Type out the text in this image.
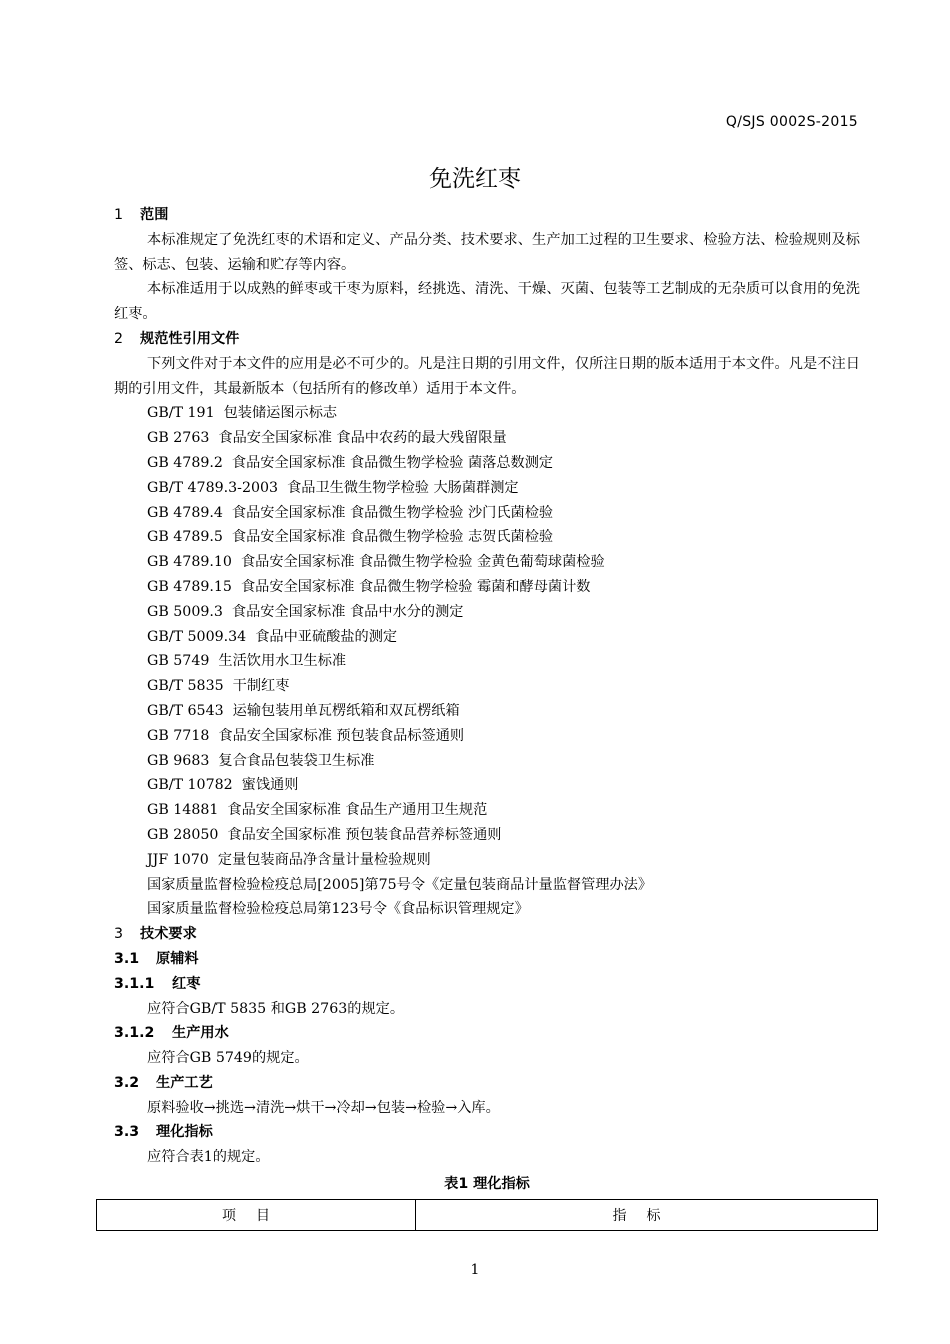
Q/SJS 0002S-2015
免洗红枣
1 范围
本标准规定了免洗红枣的术语和定义、产品分类、技术要求、生产加工过程的卫生要求、检验方法、检验规则及标签、标志、包装、运输和贮存等内容。
本标准适用于以成熟的鲜枣或干枣为原料，经挑选、清洗、干燥、灭菌、包装等工艺制成的无杂质可以食用的免洗红枣。
2 规范性引用文件
下列文件对于本文件的应用是必不可少的。凡是注日期的引用文件，仅所注日期的版本适用于本文件。凡是不注日期的引用文件，其最新版本（包括所有的修改单）适用于本文件。
GB/T 191  包装储运图示标志
GB 2763  食品安全国家标准 食品中农药的最大残留限量
GB 4789.2  食品安全国家标准 食品微生物学检验 菌落总数测定
GB/T 4789.3-2003  食品卫生微生物学检验 大肠菌群测定
GB 4789.4  食品安全国家标准 食品微生物学检验 沙门氏菌检验
GB 4789.5  食品安全国家标准 食品微生物学检验 志贺氏菌检验
GB 4789.10  食品安全国家标准 食品微生物学检验 金黄色葡萄球菌检验
GB 4789.15  食品安全国家标准 食品微生物学检验 霉菌和酵母菌计数
GB 5009.3  食品安全国家标准 食品中水分的测定
GB/T 5009.34  食品中亚硫酸盐的测定
GB 5749  生活饮用水卫生标准
GB/T 5835  干制红枣
GB/T 6543  运输包装用单瓦楞纸箱和双瓦楞纸箱
GB 7718  食品安全国家标准 预包装食品标签通则
GB 9683  复合食品包装袋卫生标准
GB/T 10782  蜜饯通则
GB 14881  食品安全国家标准 食品生产通用卫生规范
GB 28050  食品安全国家标准 预包装食品营养标签通则
JJF 1070  定量包装商品净含量计量检验规则
国家质量监督检验检疫总局[2005]第75号令《定量包装商品计量监督管理办法》
国家质量监督检验检疫总局第123号令《食品标识管理规定》
3 技术要求
3.1 原辅料
3.1.1 红枣
应符合GB/T 5835 和GB 2763的规定。
3.1.2 生产用水
应符合GB 5749的规定。
3.2 生产工艺
原料验收→挑选→清洗→烘干→冷却→包装→检验→入库。
3.3 理化指标
应符合表1的规定。
表1 理化指标
项目	指标
1
